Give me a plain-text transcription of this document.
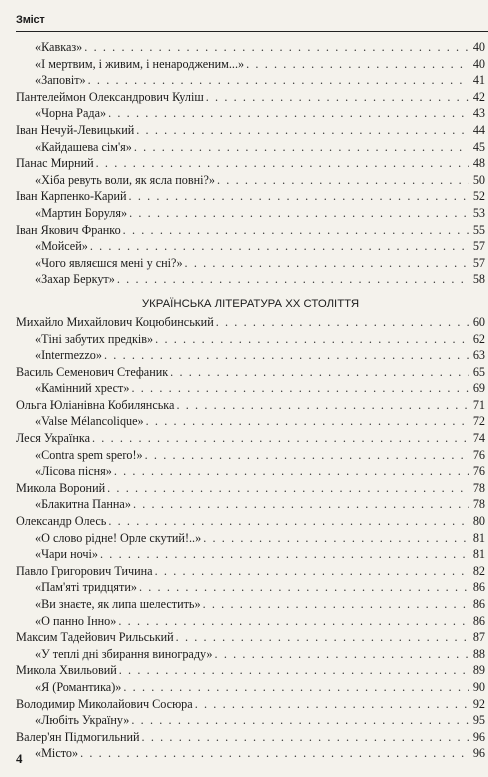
Зміст
«Кавказ» . . .	40
«І мертвим, і живим, і ненародженим...» . . .	40
«Заповіт» . . .	41
Пантелеймон Олександрович Куліш . . .	42
«Чорна Рада» . . .	43
Іван Нечуй-Левицький . . .	44
«Кайдашева сім'я» . . .	45
Панас Мирний . . .	48
«Хіба ревуть воли, як ясла повні?» . . .	50
Іван Карпенко-Карий . . .	52
«Мартин Боруля» . . .	53
Іван Якович Франко . . .	55
«Мойсей» . . .	57
«Чого являєшся мені у сні?» . . .	57
«Захар Беркут» . . .	58
УКРАЇНСЬКА ЛІТЕРАТУРА XX СТОЛІТТЯ
Михайло Михайлович Коцюбинський . . .	60
«Тіні забутих предків» . . .	62
«Intermezzo» . . .	63
Василь Семенович Стефаник . . .	65
«Камінний хрест» . . .	69
Ольга Юліанівна Кобилянська . . .	71
«Valse Mélancolique» . . .	72
Леся Українка . . .	74
«Contra spem spero!» . . .	76
«Лісова пісня» . . .	76
Микола Вороний . . .	78
«Блакитна Панна» . . .	78
Олександр Олесь . . .	80
«О слово рідне! Орле скутий!..» . . .	81
«Чари ночі» . . .	81
Павло Григорович Тичина . . .	82
«Пам'яті тридцяти» . . .	86
«Ви знаєте, як липа шелестить» . . .	86
«О панно Інно» . . .	86
Максим Тадейович Рильський . . .	87
«У теплі дні збирання винограду» . . .	88
Микола Хвильовий . . .	89
«Я (Романтика)» . . .	90
Володимир Миколайович Сосюра . . .	92
«Любіть Україну» . . .	95
Валер'ян Підмогильний . . .	96
«Місто» . . .	96
4
